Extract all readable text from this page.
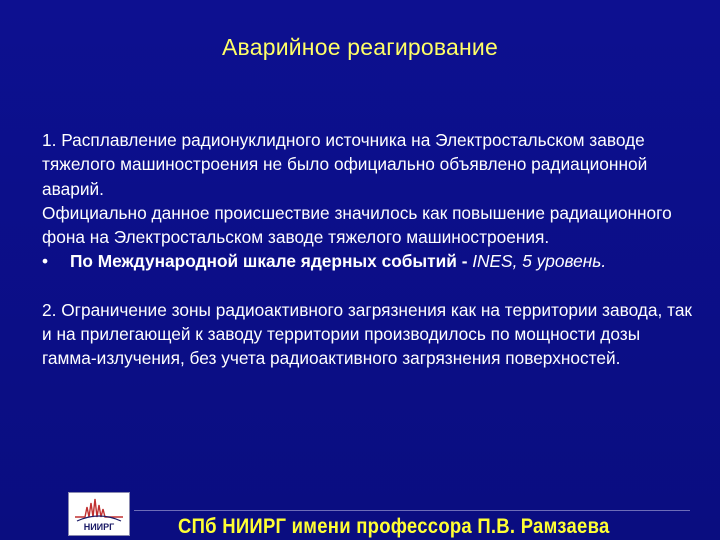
Аварийное реагирование

1. Расплавление радионуклидного источника на Электростальском заводе тяжелого машиностроения не было официально объявлено радиационной аварий.

Официально данное происшествие значилось как повышение радиационного фона на Электростальском заводе тяжелого машиностроения.

• По Международной шкале ядерных событий - INES, 5 уровень.

2. Ограничение зоны радиоактивного загрязнения как на территории завода, так и на прилегающей к заводу территории производилось по мощности дозы гамма-излучения, без учета радиоактивного загрязнения поверхностей.

НИИРГ	СПб НИИРГ имени профессора П.В. Рамзаева
